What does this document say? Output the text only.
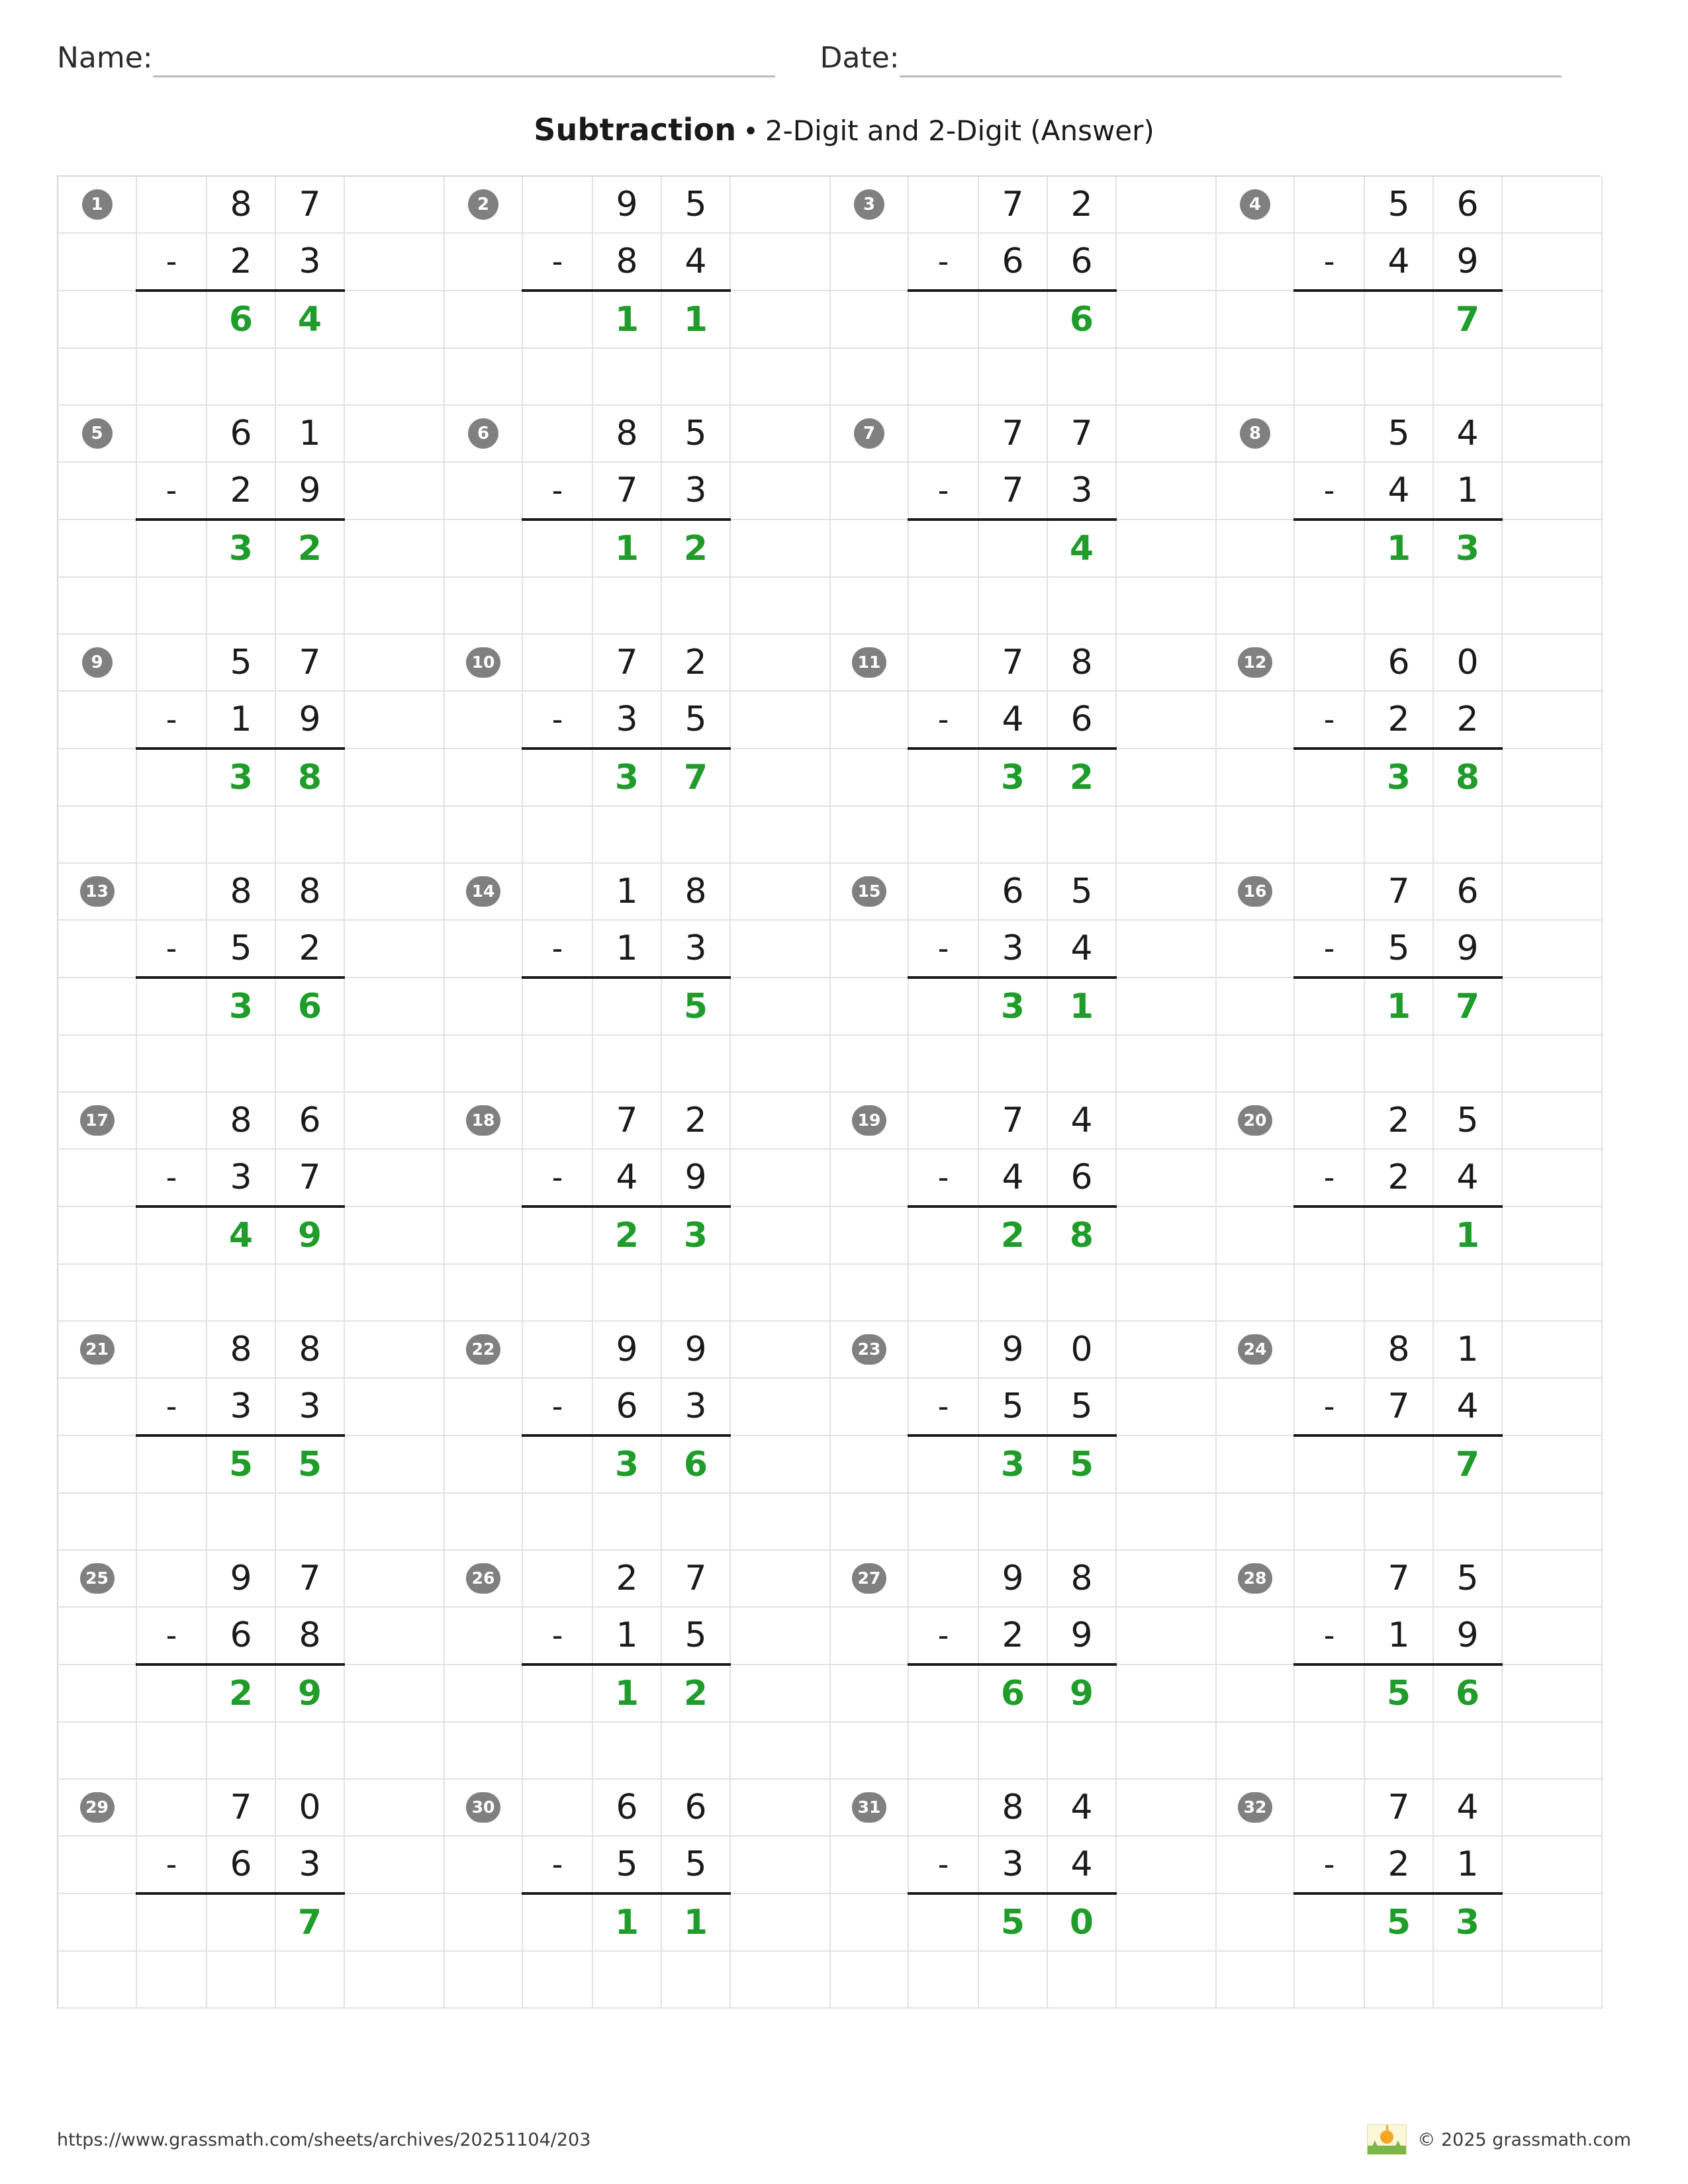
Name:	Date:
Subtraction • 2-Digit and 2-Digit (Answer)
1		8	7		2		9	5		3		7	2		4		5	6	
	-	2	3			-	8	4			-	6	6			-	4	9	
		6	4				1	1					6					7	

5		6	1		6		8	5		7		7	7		8		5	4	
	-	2	9			-	7	3			-	7	3			-	4	1	
		3	2				1	2					4				1	3	

9		5	7		10		7	2		11		7	8		12		6	0	
	-	1	9			-	3	5			-	4	6			-	2	2	
		3	8				3	7				3	2				3	8	

13		8	8		14		1	8		15		6	5		16		7	6	
	-	5	2			-	1	3			-	3	4			-	5	9	
		3	6					5				3	1				1	7	

17		8	6		18		7	2		19		7	4		20		2	5	
	-	3	7			-	4	9			-	4	6			-	2	4	
		4	9				2	3				2	8					1	

21		8	8		22		9	9		23		9	0		24		8	1	
	-	3	3			-	6	3			-	5	5			-	7	4	
		5	5				3	6				3	5					7	

25		9	7		26		2	7		27		9	8		28		7	5	
	-	6	8			-	1	5			-	2	9			-	1	9	
		2	9				1	2				6	9				5	6	

29		7	0		30		6	6		31		8	4		32		7	4	
	-	6	3			-	5	5			-	3	4			-	2	1	
			7				1	1				5	0				5	3	

https://www.grassmath.com/sheets/archives/20251104/203	© 2025 grassmath.com
